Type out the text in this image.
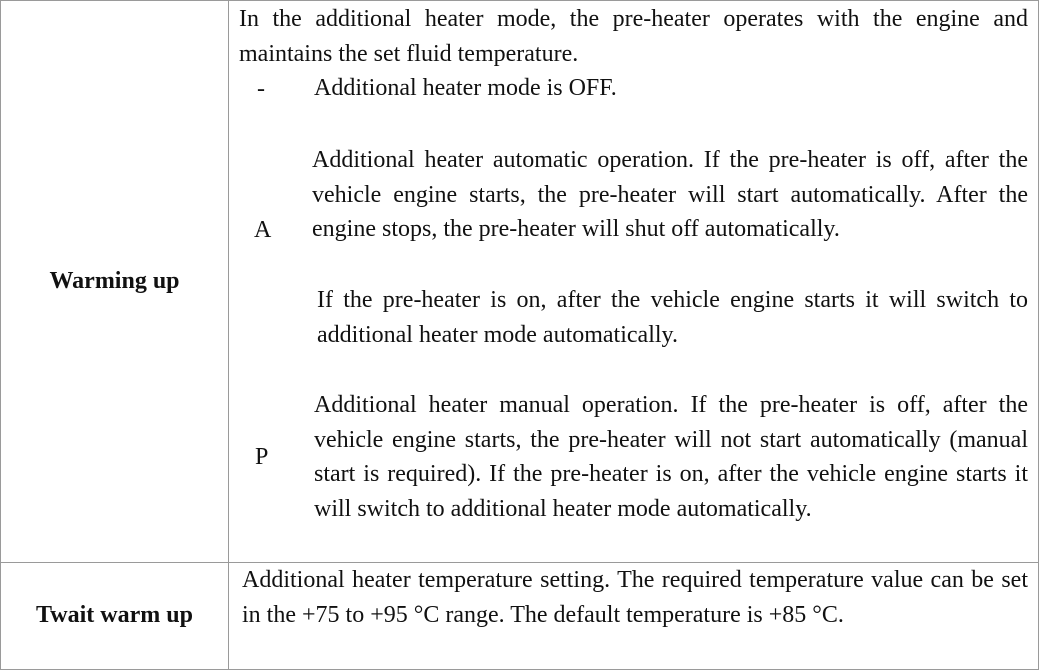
Warming up

In the additional heater mode, the pre-heater operates with the engine and maintains the set fluid temperature.

- Additional heater mode is OFF.

A

Additional heater automatic operation. If the pre-heater is off, after the vehicle engine starts, the pre-heater will start automatically. After the engine stops, the pre-heater will shut off automatically.

If the pre-heater is on, after the vehicle engine starts it will switch to additional heater mode automatically.

P

Additional heater manual operation. If the pre-heater is off, after the vehicle engine starts, the pre-heater will not start automatically (manual start is required). If the pre-heater is on, after the vehicle engine starts it will switch to additional heater mode automatically.

Twait warm up

Additional heater temperature setting. The required temperature value can be set in the +75 to +95 °C range. The default temperature is +85 °C.
